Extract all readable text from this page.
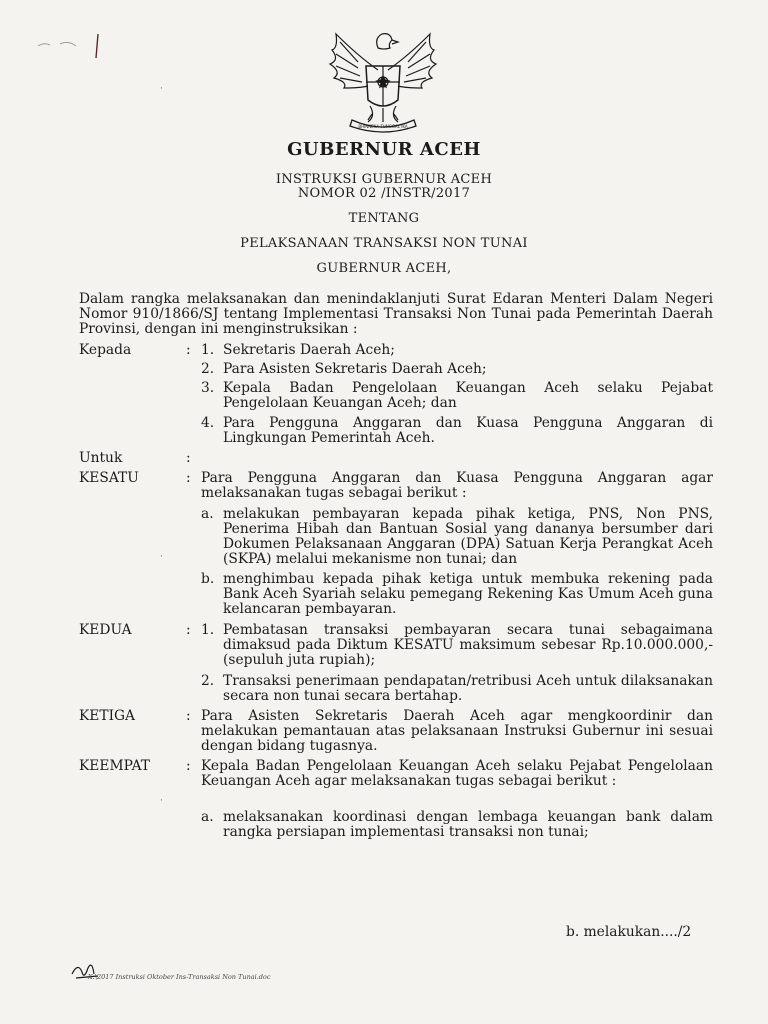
BHINNEKA TUNGGAL IKA
GUBERNUR ACEH
INSTRUKSI GUBERNUR ACEH
NOMOR 02 /INSTR/2017
TENTANG
PELAKSANAAN TRANSAKSI NON TUNAI
GUBERNUR ACEH,
Dalam rangka melaksanakan dan menindaklanjuti Surat Edaran Menteri Dalam Negeri Nomor 910/1866/SJ tentang Implementasi Transaksi Non Tunai pada Pemerintah Daerah Provinsi, dengan ini menginstruksikan :
Kepada	: 1. Sekretaris Daerah Aceh;
2. Para Asisten Sekretaris Daerah Aceh;
3. Kepala Badan Pengelolaan Keuangan Aceh selaku Pejabat Pengelolaan Keuangan Aceh; dan
4. Para Pengguna Anggaran dan Kuasa Pengguna Anggaran di Lingkungan Pemerintah Aceh.
Untuk	:
KESATU	: Para Pengguna Anggaran dan Kuasa Pengguna Anggaran agar melaksanakan tugas sebagai berikut :
a. melakukan pembayaran kepada pihak ketiga, PNS, Non PNS, Penerima Hibah dan Bantuan Sosial yang dananya bersumber dari Dokumen Pelaksanaan Anggaran (DPA) Satuan Kerja Perangkat Aceh (SKPA) melalui mekanisme non tunai; dan
b. menghimbau kepada pihak ketiga untuk membuka rekening pada Bank Aceh Syariah selaku pemegang Rekening Kas Umum Aceh guna kelancaran pembayaran.
KEDUA	: 1. Pembatasan transaksi pembayaran secara tunai sebagaimana dimaksud pada Diktum KESATU maksimum sebesar Rp.10.000.000,- (sepuluh juta rupiah);
2. Transaksi penerimaan pendapatan/retribusi Aceh untuk dilaksanakan secara non tunai secara bertahap.
KETIGA	: Para Asisten Sekretaris Daerah Aceh agar mengkoordinir dan melakukan pemantauan atas pelaksanaan Instruksi Gubernur ini sesuai dengan bidang tugasnya.
KEEMPAT	: Kepala Badan Pengelolaan Keuangan Aceh selaku Pejabat Pengelolaan Keuangan Aceh agar melaksanakan tugas sebagai berikut :
a. melaksanakan koordinasi dengan lembaga keuangan bank dalam rangka persiapan implementasi transaksi non tunai;
b. melakukan..../2
X:\2017 Instruksi Oktober Ins-Transaksi Non Tunai.doc
·
·
·
